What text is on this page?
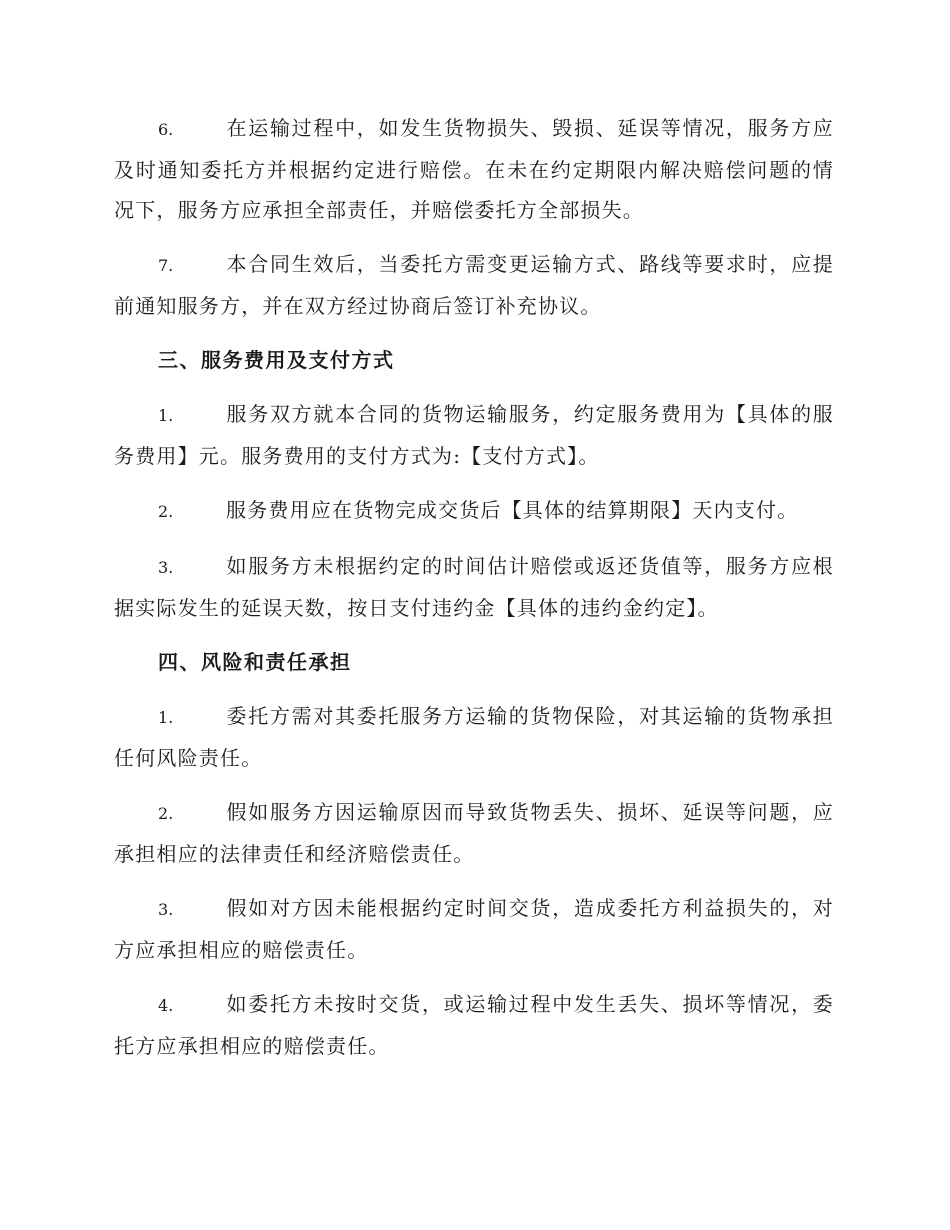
6.	在运输过程中，如发生货物损失、毁损、延误等情况，服务方应及时通知委托方并根据约定进行赔偿。在未在约定期限内解决赔偿问题的情况下，服务方应承担全部责任，并赔偿委托方全部损失。

7.	本合同生效后，当委托方需变更运输方式、路线等要求时，应提前通知服务方，并在双方经过协商后签订补充协议。

三、服务费用及支付方式

1.	服务双方就本合同的货物运输服务，约定服务费用为【具体的服务费用】元。服务费用的支付方式为:【支付方式】。

2.	服务费用应在货物完成交货后【具体的结算期限】天内支付。

3.	如服务方未根据约定的时间估计赔偿或返还货值等，服务方应根据实际发生的延误天数，按日支付违约金【具体的违约金约定】。

四、风险和责任承担

1.	委托方需对其委托服务方运输的货物保险，对其运输的货物承担任何风险责任。

2.	假如服务方因运输原因而导致货物丢失、损坏、延误等问题，应承担相应的法律责任和经济赔偿责任。

3.	假如对方因未能根据约定时间交货，造成委托方利益损失的，对方应承担相应的赔偿责任。

4.	如委托方未按时交货，或运输过程中发生丢失、损坏等情况，委托方应承担相应的赔偿责任。
